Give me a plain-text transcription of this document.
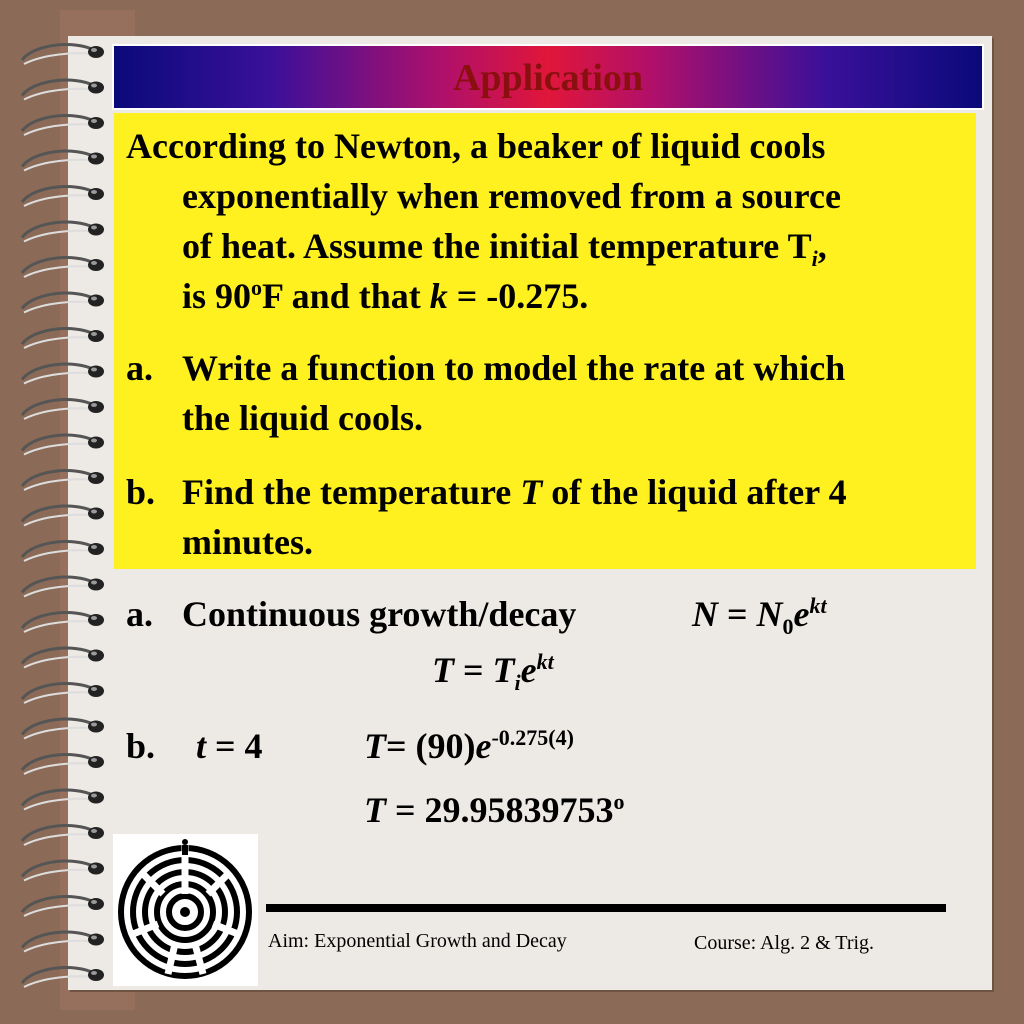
Application
According to Newton, a beaker of liquid cools
exponentially when removed from a source
of heat. Assume the initial temperature $T_i$,
is 90$^o$F and that k = -0.275.
a. Write a function to model the rate at which
the liquid cools.
b. Find the temperature T of the liquid after 4
minutes.
a. Continuous growth/decay	$N = N_0e^{kt}$
$T = T_ie^{kt}$
b. t = 4	$T= (90)e^{-0.275(4)}$
$T = 29.95839753^o$
Aim: Exponential Growth and Decay	Course: Alg. 2 & Trig.
